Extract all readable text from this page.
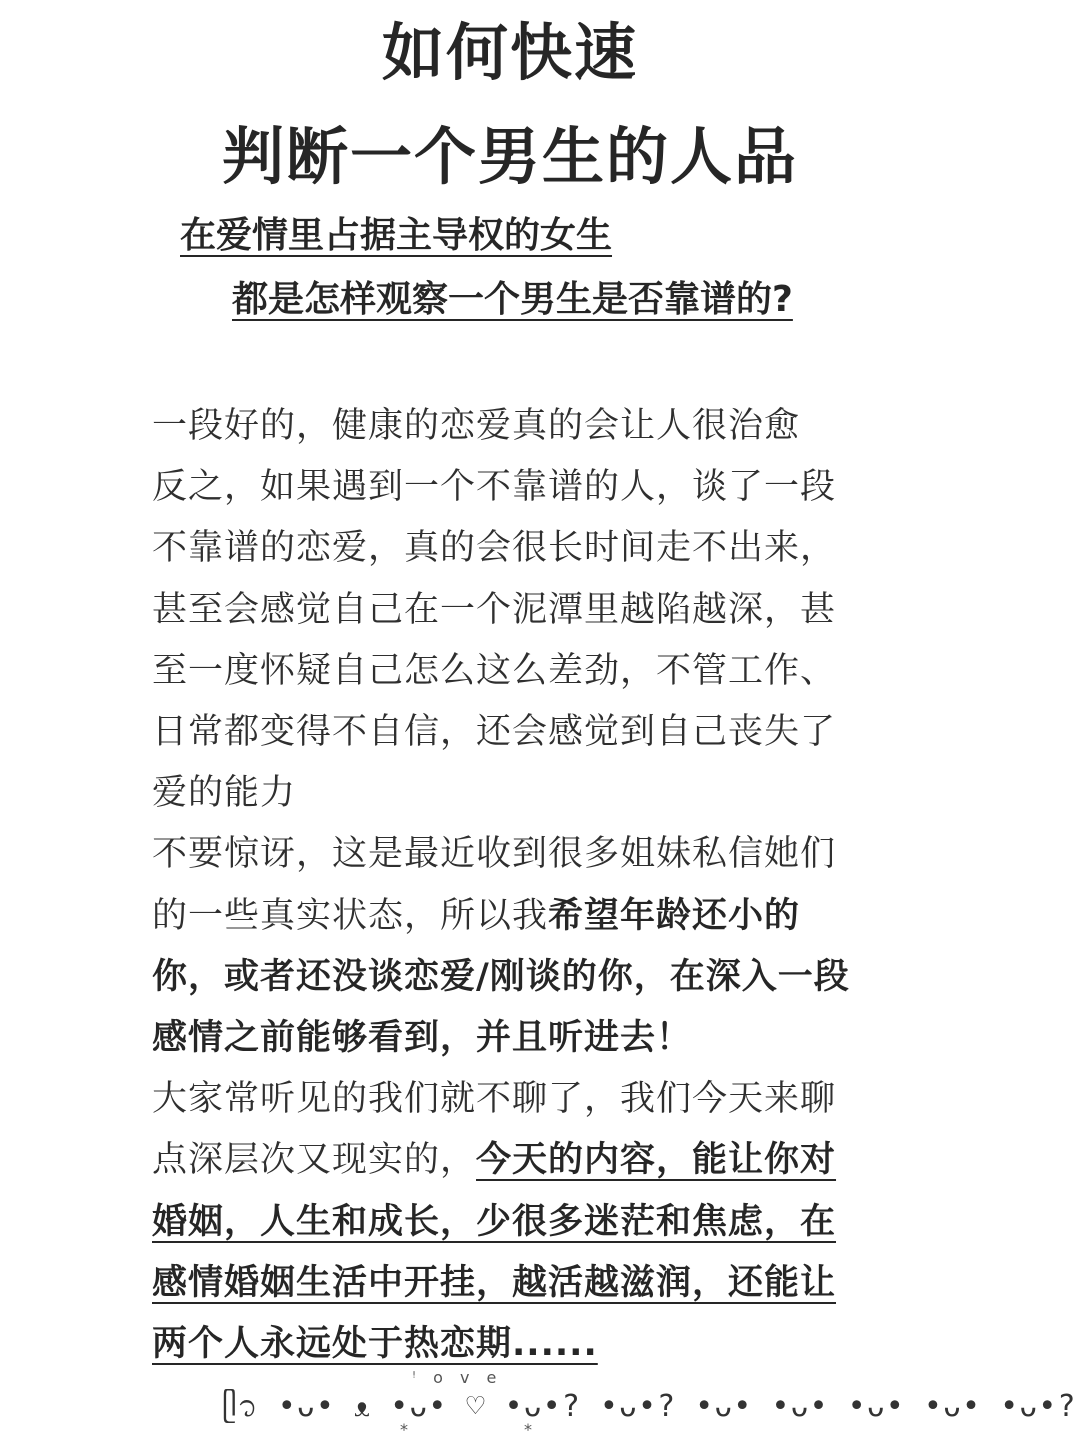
如何快速
判断一个男生的人品
在爱情里占据主导权的女生
都是怎样观察一个男生是否靠谱的?
一段好的，健康的恋爱真的会让人很治愈
反之，如果遇到一个不靠谱的人，谈了一段
不靠谱的恋爱，真的会很长时间走不出来，
甚至会感觉自己在一个泥潭里越陷越深，甚
至一度怀疑自己怎么这么差劲，不管工作、
日常都变得不自信，还会感觉到自己丧失了
爱的能力
不要惊讶，这是最近收到很多姐妹私信她们
的一些真实状态，所以我希望年龄还小的
你，或者还没谈恋爱/刚谈的你，在深入一段
感情之前能够看到，并且听进去！
大家常听见的我们就不聊了，我们今天来聊
点深层次又现实的，今天的内容，能让你对
婚姻，人生和成长，少很多迷茫和焦虑，在
感情婚姻生活中开挂，越活越滋润，还能让
两个人永远处于热恋期......
ꜝ o v e
ᥫ᭡ •ᴗ• ᴥ •ᴗ• ♡ •ᴗ•? •ᴗ•? •ᴗ• •ᴗ• •ᴗ• •ᴗ• •ᴗ•?
*	*
